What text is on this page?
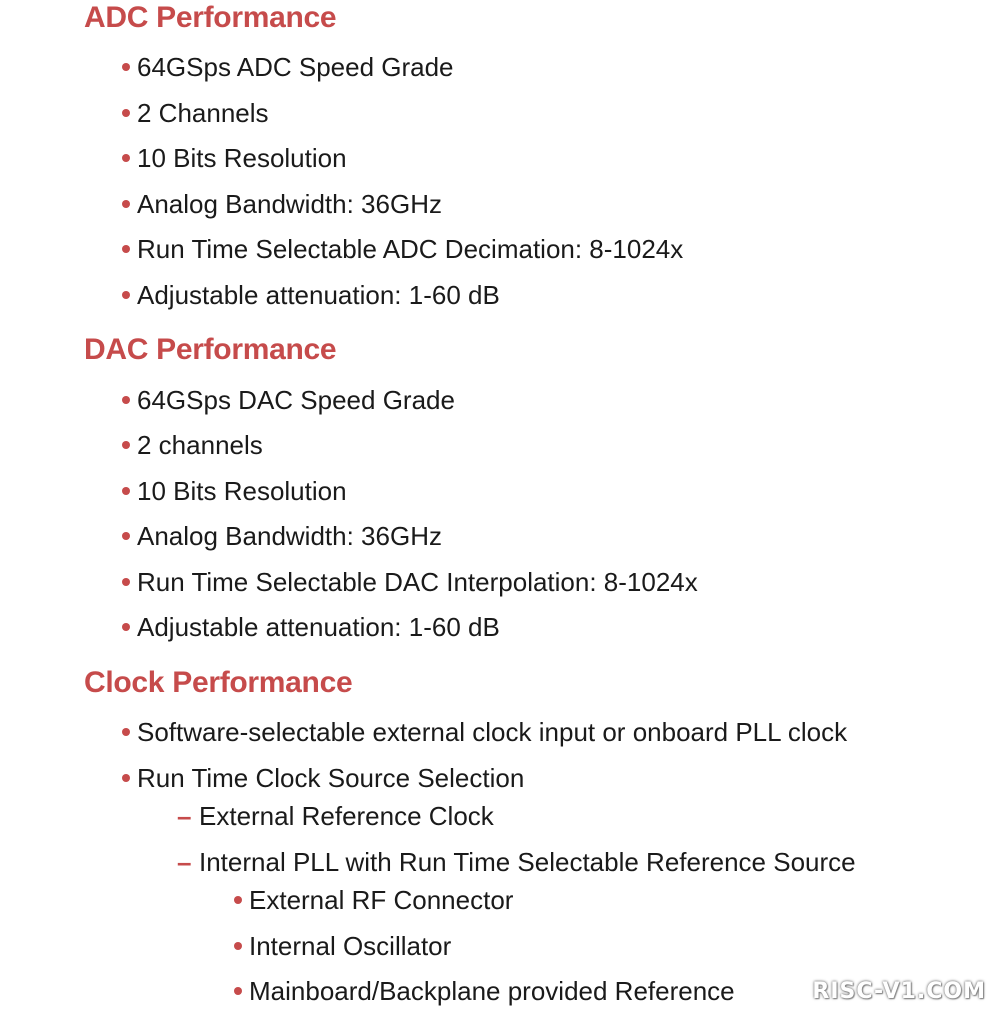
ADC Performance
64GSps ADC Speed Grade
2 Channels
10 Bits Resolution
Analog Bandwidth: 36GHz
Run Time Selectable ADC Decimation: 8-1024x
Adjustable attenuation: 1-60 dB
DAC Performance
64GSps DAC Speed Grade
2 channels
10 Bits Resolution
Analog Bandwidth: 36GHz
Run Time Selectable DAC Interpolation: 8-1024x
Adjustable attenuation: 1-60 dB
Clock Performance
Software-selectable external clock input or onboard PLL clock
Run Time Clock Source Selection
– External Reference Clock
– Internal PLL with Run Time Selectable Reference Source
External RF Connector
Internal Oscillator
Mainboard/Backplane provided Reference	RISC-V1.COM
